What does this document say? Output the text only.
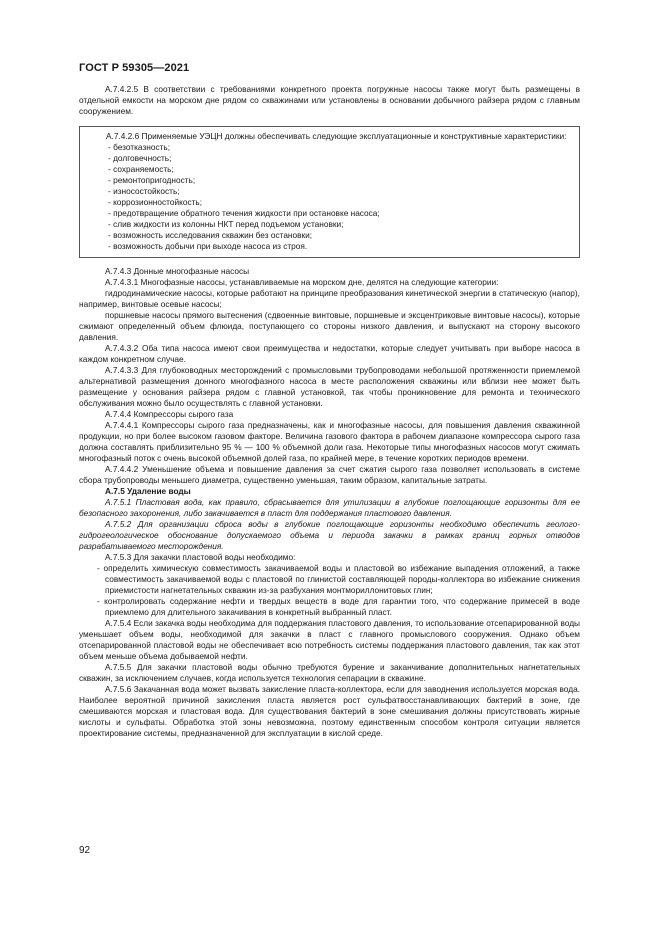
ГОСТ Р 59305—2021

А.7.4.2.5 В соответствии с требованиями конкретного проекта погружные насосы также могут быть размещены в отдельной емкости на морском дне рядом со скважинами или установлены в основании добычного райзера рядом с главным сооружением.

А.7.4.2.6 Применяемые УЭЦН должны обеспечивать следующие эксплуатационные и конструктивные характеристики:

- безотказность;
- долговечность;
- сохраняемость;
- ремонтопригодность;
- износостойкость;
- коррозионностойкость;
- предотвращение обратного течения жидкости при остановке насоса;
- слив жидкости из колонны НКТ перед подъемом установки;
- возможность исследования скважин без остановки;
- возможность добычи при выходе насоса из строя.

А.7.4.3 Донные многофазные насосы

А.7.4.3.1 Многофазные насосы, устанавливаемые на морском дне, делятся на следующие категории:

гидродинамические насосы, которые работают на принципе преобразования кинетической энергии в статическую (напор), например, винтовые осевые насосы;

поршневые насосы прямого вытеснения (сдвоенные винтовые, поршневые и эксцентриковые винтовые насосы), которые сжимают определенный объем флюида, поступающего со стороны низкого давления, и выпускают на сторону высокого давления.

А.7.4.3.2 Оба типа насоса имеют свои преимущества и недостатки, которые следует учитывать при выборе насоса в каждом конкретном случае.

А.7.4.3.3 Для глубоководных месторождений с промысловыми трубопроводами небольшой протяженности приемлемой альтернативой размещения донного многофазного насоса в месте расположения скважины или вблизи нее может быть размещение у основания райзера рядом с главной установкой, так чтобы проникновение для ремонта и технического обслуживания можно было осуществлять с главной установки.

А.7.4.4 Компрессоры сырого газа

А.7.4.4.1 Компрессоры сырого газа предназначены, как и многофазные насосы, для повышения давления скважинной продукции, но при более высоком газовом факторе. Величина газового фактора в рабочем диапазоне компрессора сырого газа должна составлять приблизительно 95 % — 100 % объемной доли газа. Некоторые типы многофазных насосов могут сжимать многофазный поток с очень высокой объемной долей газа, по крайней мере, в течение коротких периодов времени.

А.7.4.4.2 Уменьшение объема и повышение давления за счет сжатия сырого газа позволяет использовать в системе сбора трубопроводы меньшего диаметра, существенно уменьшая, таким образом, капитальные затраты.

А.7.5 Удаление воды

А.7.5.1 Пластовая вода, как правило, сбрасывается для утилизации в глубокие поглощающие горизонты для ее безопасного захоронения, либо закачивается в пласт для поддержания пластового давления.

А.7.5.2 Для организации сброса воды в глубокие поглощающие горизонты необходимо обеспечить геолого-гидрогеологическое обоснование допускаемого объема и периода закачки в рамках границ горных отводов разрабатываемого месторождения.

А.7.5.3 Для закачки пластовой воды необходимо:

- определить химическую совместимость закачиваемой воды и пластовой во избежание выпадения отложений, а также совместимость закачиваемой воды с пластовой по глинистой составляющей породы-коллектора во избежание снижения приемистости нагнетательных скважин из-за разбухания монтмориллонитовых глин;

- контролировать содержание нефти и твердых веществ в воде для гарантии того, что содержание примесей в воде приемлемо для длительного закачивания в конкретный выбранный пласт.

А.7.5.4 Если закачка воды необходима для поддержания пластового давления, то использование отсепарированной воды уменьшает объем воды, необходимой для закачки в пласт с главного промыслового сооружения. Однако объем отсепарированной пластовой воды не обеспечивает всю потребность системы поддержания пластового давления, так как этот объем меньше объема добываемой нефти.

А.7.5.5 Для закачки пластовой воды обычно требуются бурение и заканчивание дополнительных нагнетательных скважин, за исключением случаев, когда используется технология сепарации в скважине.

А.7.5.6 Закачанная вода может вызвать закисление пласта-коллектора, если для заводнения используется морская вода. Наиболее вероятной причиной закисления пласта является рост сульфатвосстанавливающих бактерий в зоне, где смешиваются морская и пластовая вода. Для существования бактерий в зоне смешивания должны присутствовать жирные кислоты и сульфаты. Обработка этой зоны невозможна, поэтому единственным способом контроля ситуации является проектирование системы, предназначенной для эксплуатации в кислой среде.

92
